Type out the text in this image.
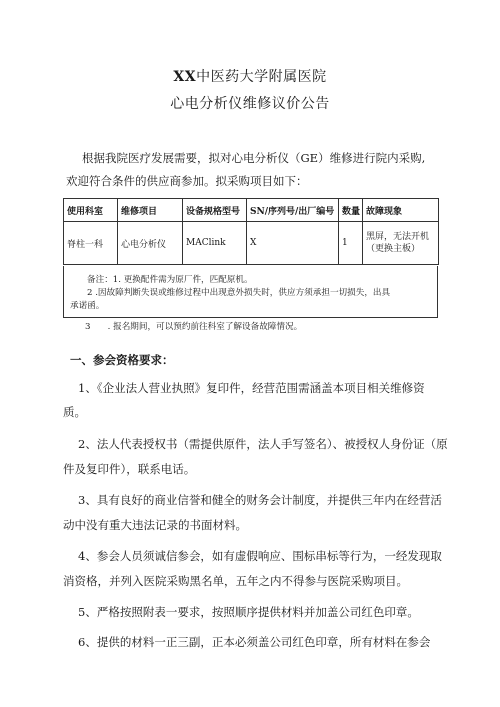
XX中医药大学附属医院
心电分析仪维修议价公告
根据我院医疗发展需要，拟对心电分析仪（GE）维修进行院内采购,
欢迎符合条件的供应商参加。拟采购项目如下：
使用科室	维修项目	设备规格型号	SN/序列号/出厂编号	数量	故障现象
脊柱一科	心电分析仪	MAClink	X	1	黑屏，无法开机（更换主板）
备注：1. 更换配件需为原厂件，匹配原机。
2 .因故障判断失误或维修过程中出现意外损失时，供应方须承担一切损失，出具
承诺函。
3　　. 报名期间，可以预约前往科室了解设备故障情况。
一、参会资格要求：
1、《企业法人营业执照》复印件，经营范围需涵盖本项目相关维修资
质。
2、法人代表授权书（需提供原件，法人手写签名）、被授权人身份证（原
件及复印件），联系电话。
3、具有良好的商业信誉和健全的财务会计制度，并提供三年内在经营活
动中没有重大违法记录的书面材料。
4、参会人员须诚信参会，如有虚假响应、围标串标等行为，一经发现取
消资格，并列入医院采购黑名单，五年之内不得参与医院采购项目。
5、严格按照附表一要求，按照顺序提供材料并加盖公司红色印章。
6、提供的材料一正三副，正本必须盖公司红色印章，所有材料在参会
